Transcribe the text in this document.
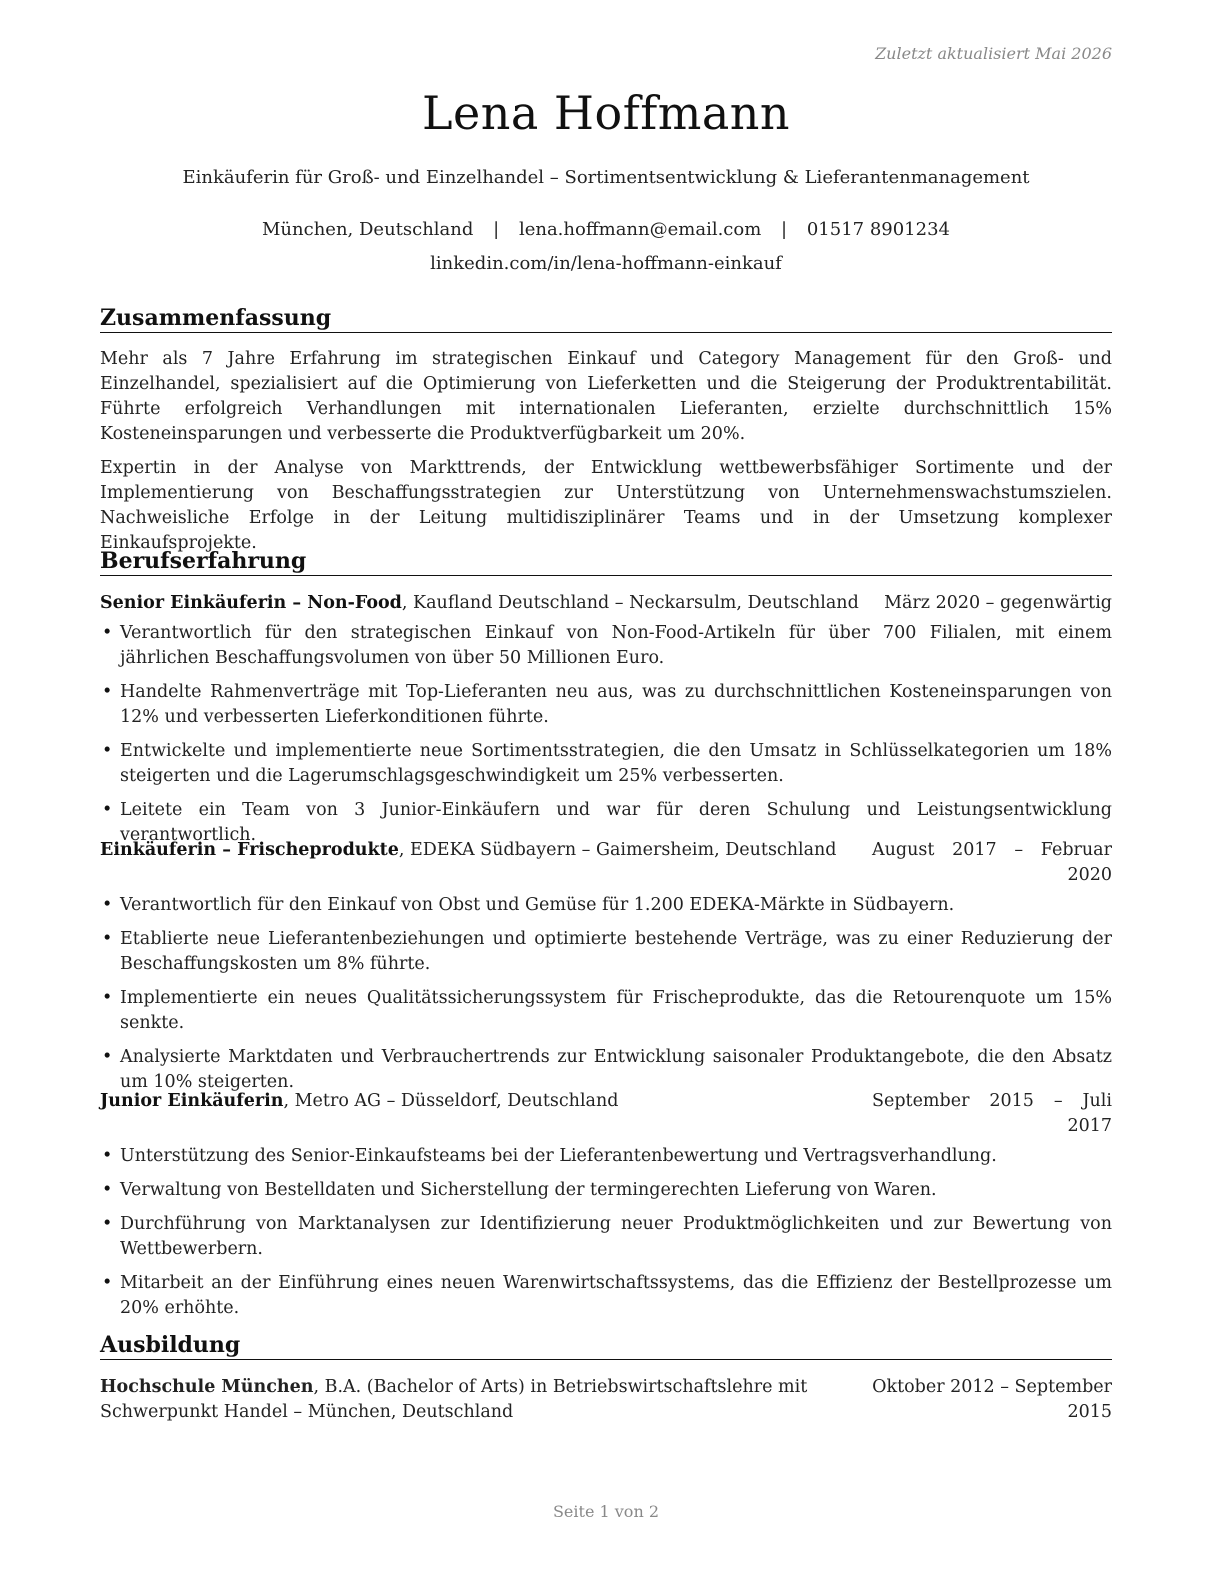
Zuletzt aktualisiert Mai 2026
Lena Hoffmann
Einkäuferin für Groß- und Einzelhandel – Sortimentsentwicklung & Lieferantenmanagement
München, Deutschland | lena.hoffmann@email.com | 01517 8901234
linkedin.com/in/lena-hoffmann-einkauf
Zusammenfassung
Mehr als 7 Jahre Erfahrung im strategischen Einkauf und Category Management für den Groß- und Einzelhandel, spezialisiert auf die Optimierung von Lieferketten und die Steigerung der Produktrentabilität. Führte erfolgreich Verhandlungen mit internationalen Lieferanten, erzielte durchschnittlich 15% Kosteneinsparungen und verbesserte die Produktverfügbarkeit um 20%.
Expertin in der Analyse von Markttrends, der Entwicklung wettbewerbsfähiger Sortimente und der Implementierung von Beschaffungsstrategien zur Unterstützung von Unternehmenswachstumszielen. Nachweisliche Erfolge in der Leitung multidisziplinärer Teams und in der Umsetzung komplexer Einkaufsprojekte.
Berufserfahrung
Senior Einkäuferin – Non-Food, Kaufland Deutschland – Neckarsulm, Deutschland März 2020 – gegenwärtig
• Verantwortlich für den strategischen Einkauf von Non-Food-Artikeln für über 700 Filialen, mit einem jährlichen Beschaffungsvolumen von über 50 Millionen Euro.
• Handelte Rahmenverträge mit Top-Lieferanten neu aus, was zu durchschnittlichen Kosteneinsparungen von 12% und verbesserten Lieferkonditionen führte.
• Entwickelte und implementierte neue Sortimentsstrategien, die den Umsatz in Schlüsselkategorien um 18% steigerten und die Lagerumschlagsgeschwindigkeit um 25% verbesserten.
• Leitete ein Team von 3 Junior-Einkäufern und war für deren Schulung und Leistungsentwicklung verantwortlich.
Einkäuferin – Frischeprodukte, EDEKA Südbayern – Gaimersheim, Deutschland August 2017 – Februar 2020
• Verantwortlich für den Einkauf von Obst und Gemüse für 1.200 EDEKA-Märkte in Südbayern.
• Etablierte neue Lieferantenbeziehungen und optimierte bestehende Verträge, was zu einer Reduzierung der Beschaffungskosten um 8% führte.
• Implementierte ein neues Qualitätssicherungssystem für Frischeprodukte, das die Retourenquote um 15% senkte.
• Analysierte Marktdaten und Verbrauchertrends zur Entwicklung saisonaler Produktangebote, die den Absatz um 10% steigerten.
Junior Einkäuferin, Metro AG – Düsseldorf, Deutschland	September 2015 – Juli 2017
• Unterstützung des Senior-Einkaufsteams bei der Lieferantenbewertung und Vertragsverhandlung.
• Verwaltung von Bestelldaten und Sicherstellung der termingerechten Lieferung von Waren.
• Durchführung von Marktanalysen zur Identifizierung neuer Produktmöglichkeiten und zur Bewertung von Wettbewerbern.
• Mitarbeit an der Einführung eines neuen Warenwirtschaftssystems, das die Effizienz der Bestellprozesse um 20% erhöhte.
Ausbildung
Hochschule München, B.A. (Bachelor of Arts) in Betriebswirtschaftslehre mit Schwerpunkt Handel – München, Deutschland
Oktober 2012 – September 2015
Seite 1 von 2
